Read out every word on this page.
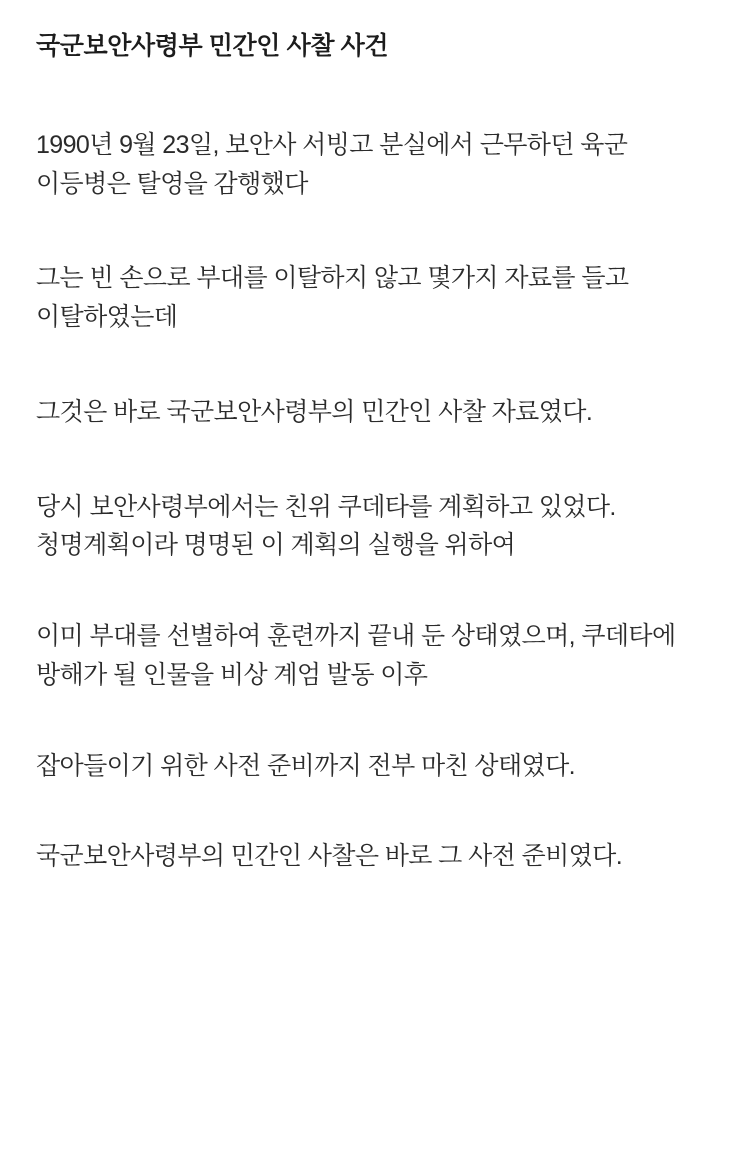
국군보안사령부 민간인 사찰 사건

1990년 9월 23일, 보안사 서빙고 분실에서 근무하던 육군 이등병은 탈영을 감행했다

그는 빈 손으로 부대를 이탈하지 않고 몇가지 자료를 들고 이탈하였는데

그것은 바로 국군보안사령부의 민간인 사찰 자료였다.

당시 보안사령부에서는 친위 쿠데타를 계획하고 있었다. 청명계획이라 명명된 이 계획의 실행을 위하여

이미 부대를 선별하여 훈련까지 끝내 둔 상태였으며, 쿠데타에 방해가 될 인물을 비상 계엄 발동 이후

잡아들이기 위한 사전 준비까지 전부 마친 상태였다.

국군보안사령부의 민간인 사찰은 바로 그 사전 준비였다.
